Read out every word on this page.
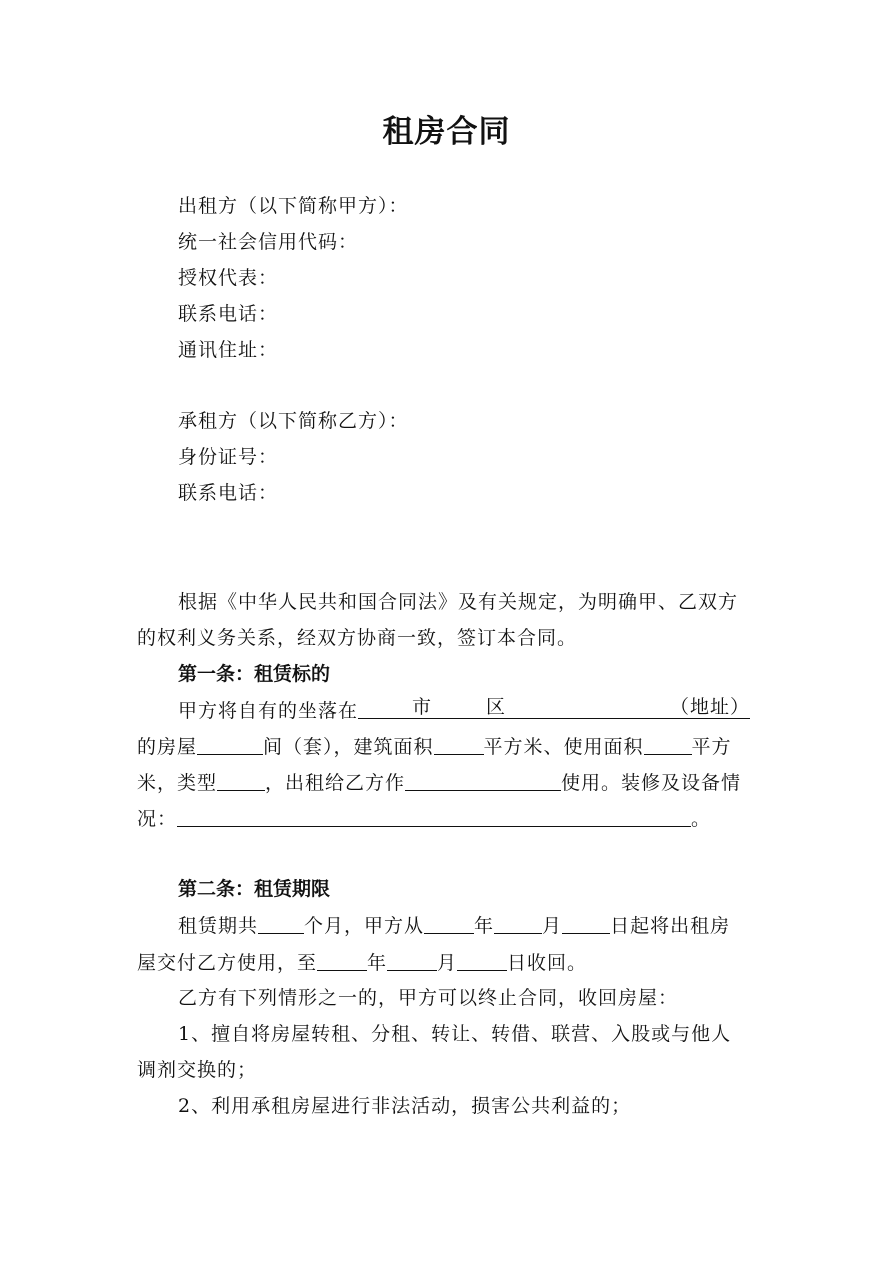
租房合同
出租方（以下简称甲方）：
统一社会信用代码：
授权代表：
联系电话：
通讯住址：
承租方（以下简称乙方）：
身份证号：
联系电话：
根据《中华人民共和国合同法》及有关规定，为明确甲、乙双方
的权利义务关系，经双方协商一致，签订本合同。
第一条：租赁标的
甲方将自有的坐落在	市	区	（地址）
的房屋	间（套），建筑面积	平方米、使用面积	平方
米，类型	，出租给乙方作	使用。装修及设备情
况：	。
第二条：租赁期限
租赁期共 个月，甲方从	年	月	日起将出租房
屋交付乙方使用，至	年	月	日收回。
乙方有下列情形之一的，甲方可以终止合同，收回房屋：
1、擅自将房屋转租、分租、转让、转借、联营、入股或与他人
调剂交换的；
2、利用承租房屋进行非法活动，损害公共利益的；
